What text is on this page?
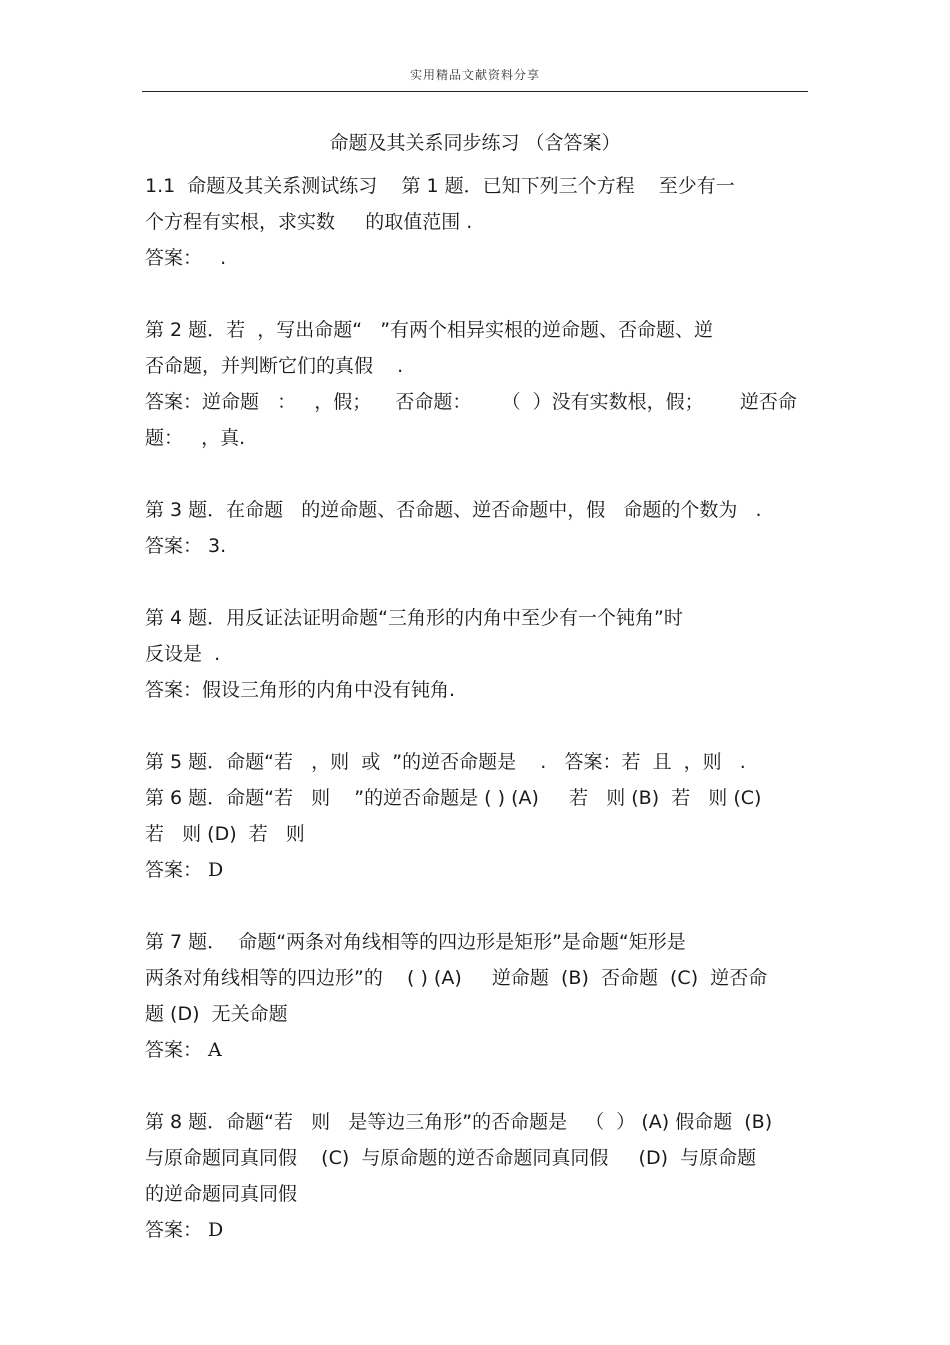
实用精品文献资料分享
命题及其关系同步练习 （含答案）
1.1  命题及其关系测试练习    第 1 题．已知下列三个方程    至少有一
个方程有实根，求实数     的取值范围 .
答案：   .
第 2 题．若  ，写出命题“   ”有两个相异实根的逆命题、否命题、逆
否命题，并判断它们的真假    .
答案：逆命题   ：   ，假；    否命题：     （  ）没有实数根，假；      逆否命
题：   ，真.
第 3 题．在命题   的逆命题、否命题、逆否命题中，假   命题的个数为   .
答案： 3.
第 4 题．用反证法证明命题“三角形的内角中至少有一个钝角”时
反设是  .
答案：假设三角形的内角中没有钝角.
第 5 题．命题“若   ，则  或  ”的逆否命题是    .   答案：若  且  ，则   .
第 6 题．命题“若   则    ”的逆否命题是 ( ) (A)     若   则 (B)  若   则 (C)
若   则 (D)  若   则
答案： D
第 7 题．  命题“两条对角线相等的四边形是矩形”是命题“矩形是
两条对角线相等的四边形”的    ( ) (A)     逆命题  (B)  否命题  (C)  逆否命
题 (D)  无关命题
答案： A
第 8 题．命题“若   则   是等边三角形”的否命题是   （  ） (A) 假命题  (B)
与原命题同真同假    (C)  与原命题的逆否命题同真同假     (D)  与原命题
的逆命题同真同假
答案： D
